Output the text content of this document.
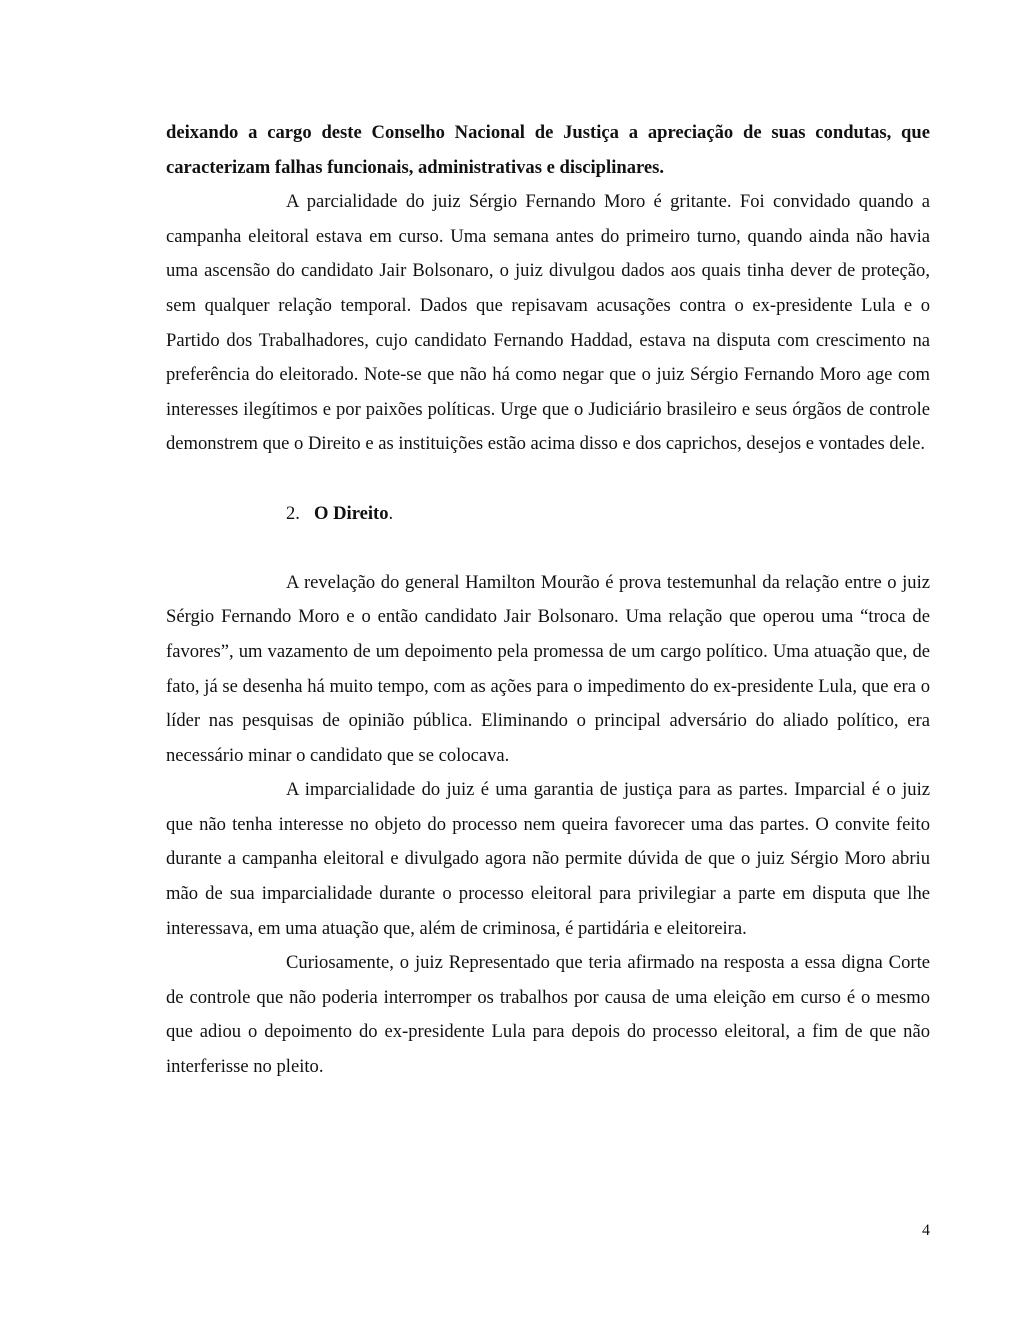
deixando a cargo deste Conselho Nacional de Justiça a apreciação de suas condutas, que caracterizam falhas funcionais, administrativas e disciplinares.

A parcialidade do juiz Sérgio Fernando Moro é gritante. Foi convidado quando a campanha eleitoral estava em curso. Uma semana antes do primeiro turno, quando ainda não havia uma ascensão do candidato Jair Bolsonaro, o juiz divulgou dados aos quais tinha dever de proteção, sem qualquer relação temporal. Dados que repisavam acusações contra o ex-presidente Lula e o Partido dos Trabalhadores, cujo candidato Fernando Haddad, estava na disputa com crescimento na preferência do eleitorado. Note-se que não há como negar que o juiz Sérgio Fernando Moro age com interesses ilegítimos e por paixões políticas. Urge que o Judiciário brasileiro e seus órgãos de controle demonstrem que o Direito e as instituições estão acima disso e dos caprichos, desejos e vontades dele.

2. O Direito.

A revelação do general Hamilton Mourão é prova testemunhal da relação entre o juiz Sérgio Fernando Moro e o então candidato Jair Bolsonaro. Uma relação que operou uma “troca de favores”, um vazamento de um depoimento pela promessa de um cargo político. Uma atuação que, de fato, já se desenha há muito tempo, com as ações para o impedimento do ex-presidente Lula, que era o líder nas pesquisas de opinião pública. Eliminando o principal adversário do aliado político, era necessário minar o candidato que se colocava.

A imparcialidade do juiz é uma garantia de justiça para as partes. Imparcial é o juiz que não tenha interesse no objeto do processo nem queira favorecer uma das partes. O convite feito durante a campanha eleitoral e divulgado agora não permite dúvida de que o juiz Sérgio Moro abriu mão de sua imparcialidade durante o processo eleitoral para privilegiar a parte em disputa que lhe interessava, em uma atuação que, além de criminosa, é partidária e eleitoreira.

Curiosamente, o juiz Representado que teria afirmado na resposta a essa digna Corte de controle que não poderia interromper os trabalhos por causa de uma eleição em curso é o mesmo que adiou o depoimento do ex-presidente Lula para depois do processo eleitoral, a fim de que não interferisse no pleito.

4
